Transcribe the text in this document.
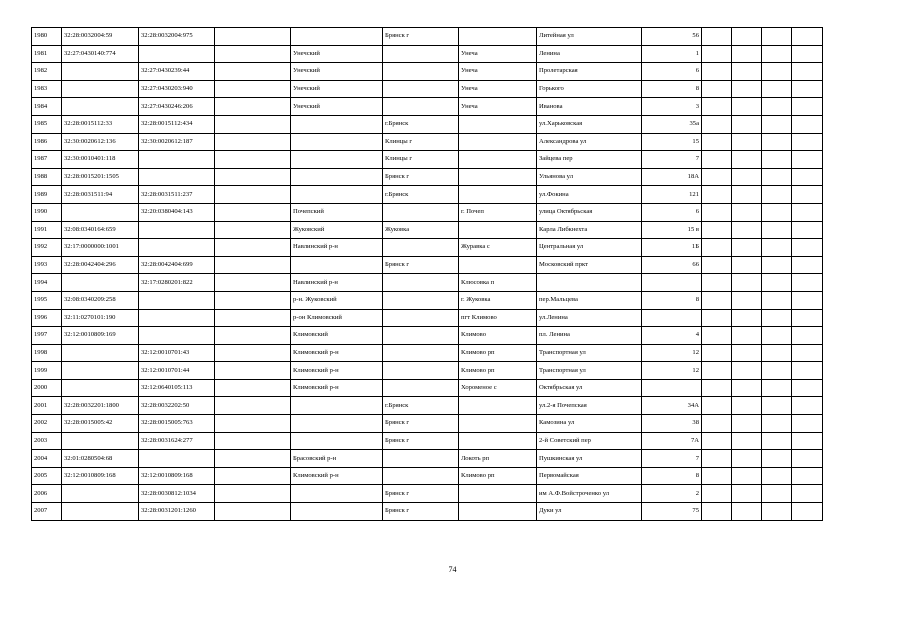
1980	32:28:0032004:59	32:28:0032004:975			Брянск г		Литейная ул	56				
1981	32:27:0430140:774			Унечский		Унеча	Ленина	1				
1982		32:27:0430239:44		Унечский		Унеча	Пролетарская	6				
1983		32:27:0430203:940		Унечский		Унеча	Горького	8				
1984		32:27:0430246:206		Унечский		Унеча	Иванова	3				
1985	32:28:0015112:33	32:28:0015112:434			г.Брянск		ул.Харьковская	35а				
1986	32:30:0020612:136	32:30:0020612:187			Клинцы г		Александрова ул	15				
1987	32:30:0010401:118				Клинцы г		Зайцева пер	7				
1988	32:28:0015201:1505				Брянск г		Ульянова ул	18А				
1989	32:28:0031511:94	32:28:0031511:237			г.Брянск		ул.Фокина	121				
1990		32:20:0380404:143		Почепский		г. Почеп	улица Октябрьская	6				
1991	32:08:0340164:659			Жуковский	Жуковка		Карла Либкнехта	15 в				
1992	32:17:0000000:1001			Навлинский р-н		Журавка с	Центральная ул	1Б				
1993	32:28:0042404:296	32:28:0042404:699			Брянск г		Московский пркт	66				
1994		32:17:0280201:822		Навлинский р-н		Клюсовка п						
1995	32:08:0340209:258			р-н. Жуковский		г. Жуковка	пер.Мальцева	8				
1996	32:11:0270101:190			р-он Климовский		пгт Климово	ул.Ленина					
1997	32:12:0010809:169			Климовский		Климово	пл. Ленина	4				
1998		32:12:0010701:43		Климовский р-н		Климово рп	Транспортная ул	12				
1999		32:12:0010701:44		Климовский р-н		Климово рп	Транспортная ул	12				
2000		32:12:0640105:113		Климовский р-н		Хороменое с	Октябрьская ул					
2001	32:28:0032201:1800	32:28:0032202:50			г.Брянск		ул.2-я Почепская	34А				
2002	32:28:0015005:42	32:28:0015005:763			Брянск г		Камозина ул	38				
2003		32:28:0031624:277			Брянск г		2-й Советский пер	7А				
2004	32:01:0280504:68			Брасовский р-н		Локоть рп	Пушкинская ул	7				
2005	32:12:0010809:168	32:12:0010809:168		Климовский р-н		Климово рп	Первомайская	8				
2006		32:28:0030812:1034			Брянск г		им А.Ф.Войстроченко ул	2				
2007		32:28:0031201:1260			Брянск г		Дуки ул	75				
74
